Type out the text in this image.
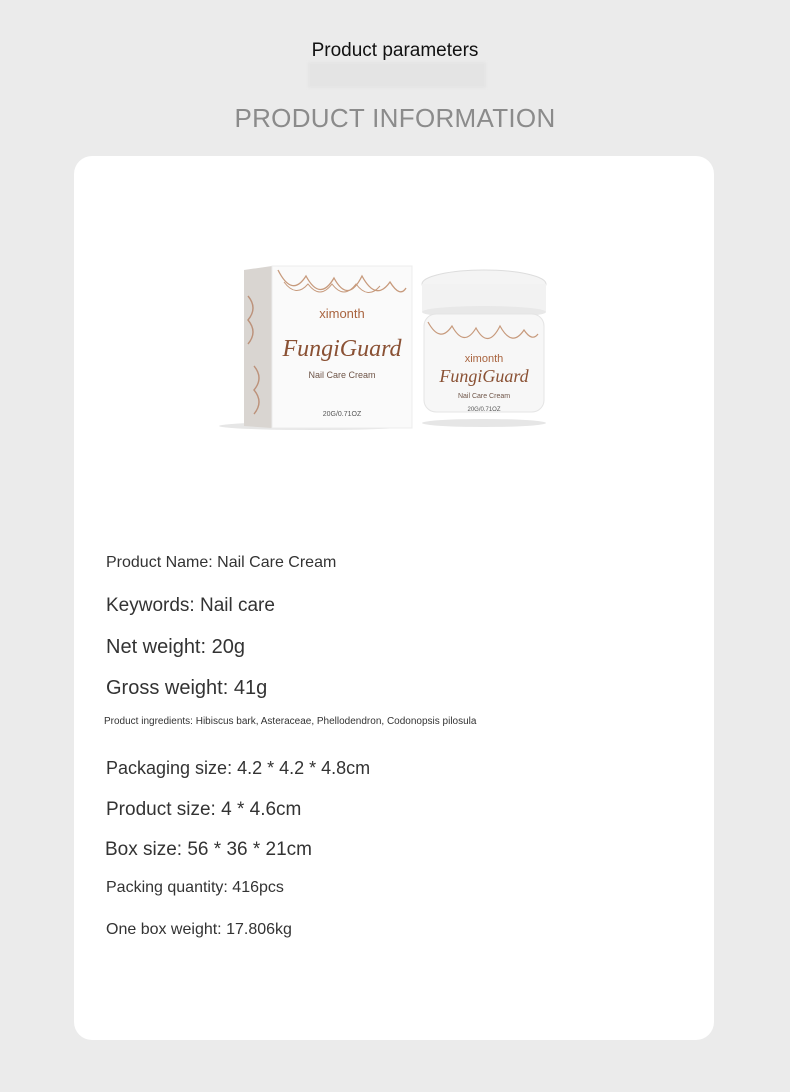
Product parameters
PRODUCT INFORMATION
ximonth
FungiGuard
Nail Care Cream
20G/0.71OZ
ximonth
FungiGuard
Nail Care Cream
20G/0.71OZ
Product Name: Nail Care Cream
Keywords: Nail care
Net weight: 20g
Gross weight: 41g
Product ingredients: Hibiscus bark, Asteraceae, Phellodendron, Codonopsis pilosula
Packaging size: 4.2 * 4.2 * 4.8cm
Product size: 4 * 4.6cm
Box size: 56 * 36 * 21cm
Packing quantity: 416pcs
One box weight: 17.806kg
